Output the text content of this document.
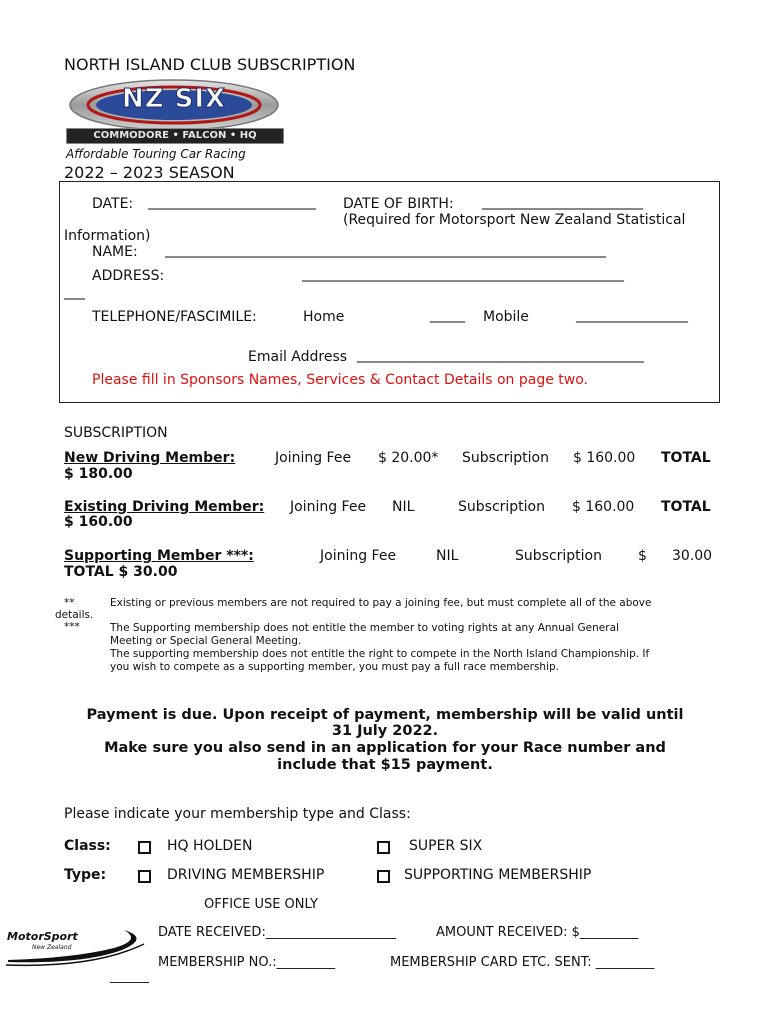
NORTH ISLAND CLUB SUBSCRIPTION
NZ SIX
COMMODORE • FALCON • HQ
Affordable Touring Car Racing
2022 – 2023 SEASON
DATE: ________________________ DATE OF BIRTH: _______________________
(Required for Motorsport New Zealand Statistical
Information)
NAME: _______________________________________________________________
ADDRESS:	______________________________________________
___
TELEPHONE/FASCIMILE:	Home	_____ Mobile	________________
Email Address _________________________________________
Please fill in Sponsors Names, Services & Contact Details on page two.
SUBSCRIPTION
New Driving Member:	Joining Fee $ 20.00* Subscription $ 160.00 TOTAL
$ 180.00
Existing Driving Member: Joining Fee NIL	Subscription $ 160.00 TOTAL
$ 160.00
Supporting Member ***:	Joining Fee	NIL	Subscription	$ 30.00
TOTAL $ 30.00
**	Existing or previous members are not required to pay a joining fee, but must complete all of the above
details.
***	The Supporting membership does not entitle the member to voting rights at any Annual General
Meeting or Special General Meeting.
The supporting membership does not entitle the right to compete in the North Island Championship. If
you wish to compete as a supporting member, you must pay a full race membership.
Payment is due. Upon receipt of payment, membership will be valid until
31 July 2022.
Make sure you also send in an application for your Race number and
include that $15 payment.
Please indicate your membership type and Class:
Class:	HQ HOLDEN	SUPER SIX
Type:	DRIVING MEMBERSHIP	SUPPORTING MEMBERSHIP
OFFICE USE ONLY
MotorSport
New Zealand
DATE RECEIVED:____________________	AMOUNT RECEIVED: $_________
MEMBERSHIP NO.:_________	MEMBERSHIP CARD ETC. SENT: _________
______
